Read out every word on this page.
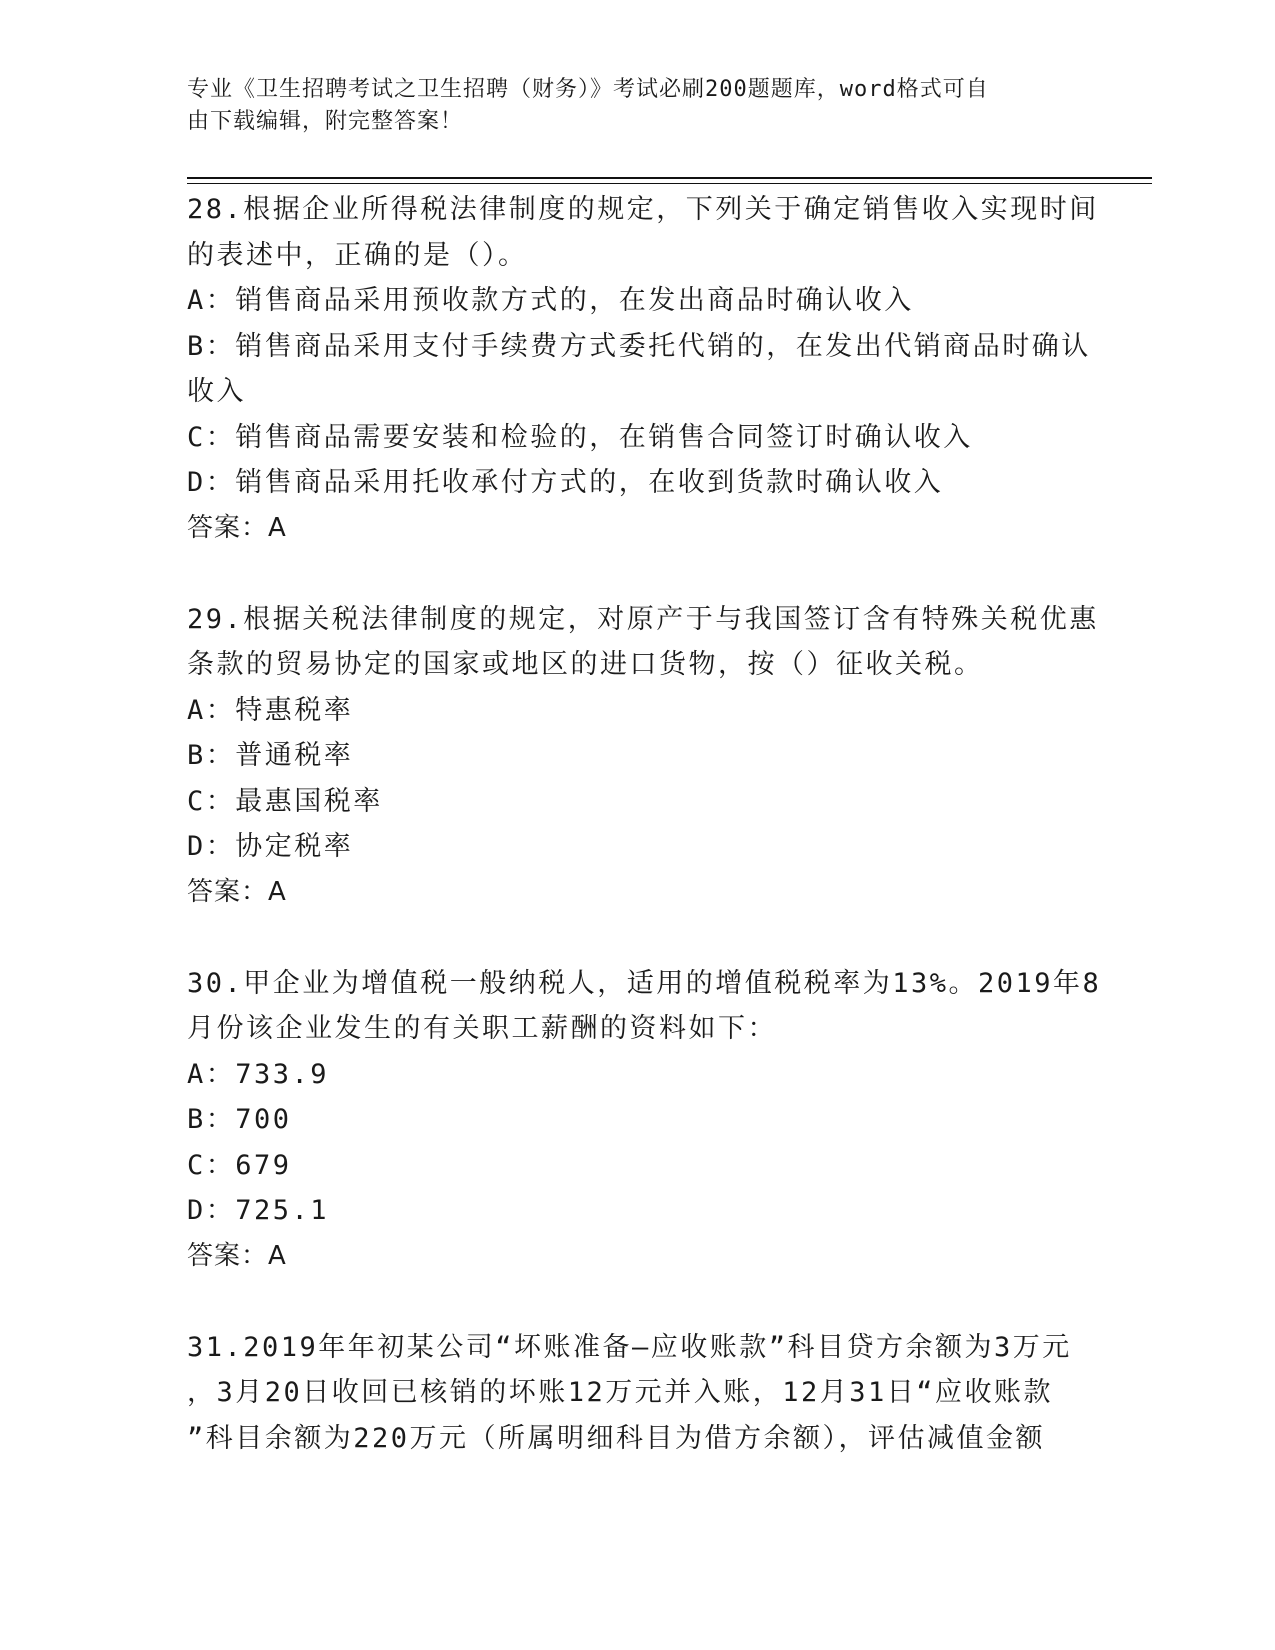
专业《卫生招聘考试之卫生招聘（财务）》考试必刷200题题库，word格式可自
由下载编辑，附完整答案！
28.根据企业所得税法律制度的规定，下列关于确定销售收入实现时间
的表述中，正确的是（）。
A：销售商品采用预收款方式的，在发出商品时确认收入
B：销售商品采用支付手续费方式委托代销的，在发出代销商品时确认
收入
C：销售商品需要安装和检验的，在销售合同签订时确认收入
D：销售商品采用托收承付方式的，在收到货款时确认收入
答案：A
29.根据关税法律制度的规定，对原产于与我国签订含有特殊关税优惠
条款的贸易协定的国家或地区的进口货物，按（）征收关税。
A：特惠税率
B：普通税率
C：最惠国税率
D：协定税率
答案：A
30.甲企业为增值税一般纳税人，适用的增值税税率为13%。2019年8
月份该企业发生的有关职工薪酬的资料如下：
A：733.9
B：700
C：679
D：725.1
答案：A
31.2019年年初某公司“坏账准备—应收账款”科目贷方余额为3万元
，3月20日收回已核销的坏账12万元并入账，12月31日“应收账款
”科目余额为220万元（所属明细科目为借方余额），评估减值金额
